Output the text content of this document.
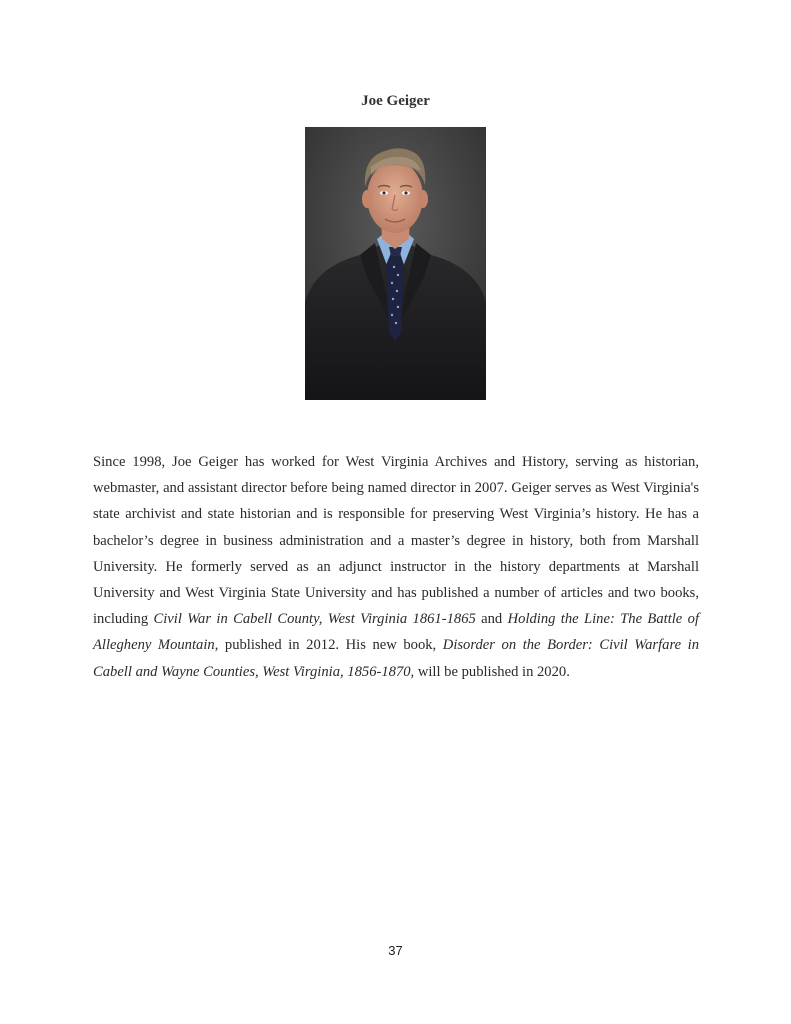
Joe Geiger

Since 1998, Joe Geiger has worked for West Virginia Archives and History, serving as historian, webmaster, and assistant director before being named director in 2007. Geiger serves as West Virginia's state archivist and state historian and is responsible for preserving West Virginia’s history. He has a bachelor’s degree in business administration and a master’s degree in history, both from Marshall University. He formerly served as an adjunct instructor in the history departments at Marshall University and West Virginia State University and has published a number of articles and two books, including Civil War in Cabell County, West Virginia 1861-1865 and Holding the Line: The Battle of Allegheny Mountain, published in 2012. His new book, Disorder on the Border: Civil Warfare in Cabell and Wayne Counties, West Virginia, 1856-1870, will be published in 2020.

37
